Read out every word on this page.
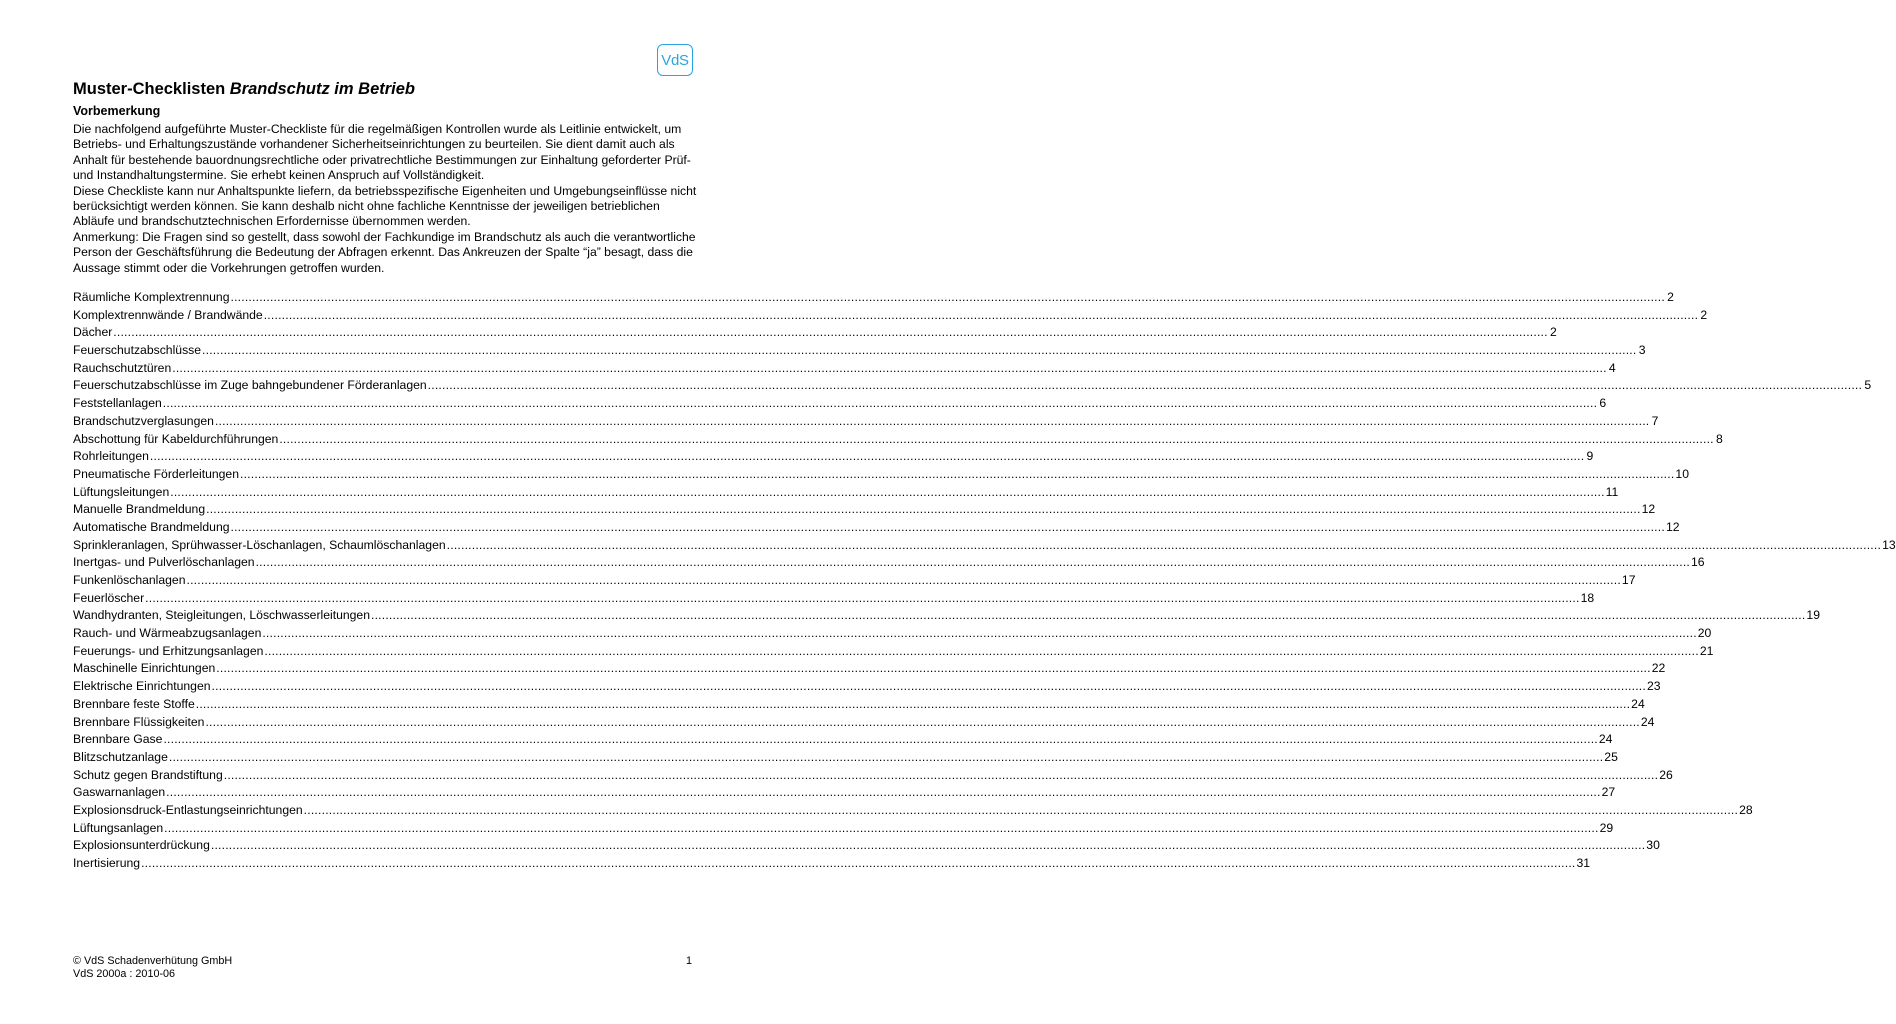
VdS
Muster-Checklisten Brandschutz im Betrieb
Vorbemerkung

Die nachfolgend aufgeführte Muster-Checkliste für die regelmäßigen Kontrollen wurde als Leitlinie entwickelt, um Betriebs- und Erhaltungszustände vorhandener Sicherheitseinrichtungen zu beurteilen. Sie dient damit auch als Anhalt für bestehende bauordnungsrechtliche oder privatrechtliche Bestimmungen zur Einhaltung geforderter Prüf- und Instandhaltungstermine. Sie erhebt keinen Anspruch auf Vollständigkeit.

Diese Checkliste kann nur Anhaltspunkte liefern, da betriebsspezifische Eigenheiten und Umgebungseinflüsse nicht berücksichtigt werden können. Sie kann deshalb nicht ohne fachliche Kenntnisse der jeweiligen betrieblichen Abläufe und brandschutztechnischen Erfordernisse übernommen werden.

Anmerkung: Die Fragen sind so gestellt, dass sowohl der Fachkundige im Brandschutz als auch die verantwortliche Person der Geschäftsführung die Bedeutung der Abfragen erkennt. Das Ankreuzen der Spalte “ja” besagt, dass die Aussage stimmt oder die Vorkehrungen getroffen wurden.

Räumliche Komplextrennung ................................................................................................................................................................................................................................................................................................................................................................................................................ 2
Komplextrennwände / Brandwände ................................................................................................................................................................................................................................................................................................................................................................................................................ 2
Dächer ................................................................................................................................................................................................................................................................................................................................................................................................................ 2
Feuerschutzabschlüsse ................................................................................................................................................................................................................................................................................................................................................................................................................ 3
Rauchschutztüren ................................................................................................................................................................................................................................................................................................................................................................................................................ 4
Feuerschutzabschlüsse im Zuge bahngebundener Förderanlagen ................................................................................................................................................................................................................................................................................................................................................................................................................ 5
Feststellanlagen ................................................................................................................................................................................................................................................................................................................................................................................................................ 6
Brandschutzverglasungen ................................................................................................................................................................................................................................................................................................................................................................................................................ 7
Abschottung für Kabeldurchführungen ................................................................................................................................................................................................................................................................................................................................................................................................................ 8
Rohrleitungen ................................................................................................................................................................................................................................................................................................................................................................................................................ 9
Pneumatische Förderleitungen ................................................................................................................................................................................................................................................................................................................................................................................................................ 10
Lüftungsleitungen ................................................................................................................................................................................................................................................................................................................................................................................................................ 11
Manuelle Brandmeldung ................................................................................................................................................................................................................................................................................................................................................................................................................ 12
Automatische Brandmeldung ................................................................................................................................................................................................................................................................................................................................................................................................................ 12
Sprinkleranlagen, Sprühwasser-Löschanlagen, Schaumlöschanlagen ................................................................................................................................................................................................................................................................................................................................................................................................................ 13
Inertgas- und Pulverlöschanlagen ................................................................................................................................................................................................................................................................................................................................................................................................................ 16
Funkenlöschanlagen ................................................................................................................................................................................................................................................................................................................................................................................................................ 17
Feuerlöscher ................................................................................................................................................................................................................................................................................................................................................................................................................ 18
Wandhydranten, Steigleitungen, Löschwasserleitungen ................................................................................................................................................................................................................................................................................................................................................................................................................ 19
Rauch- und Wärmeabzugsanlagen ................................................................................................................................................................................................................................................................................................................................................................................................................ 20
Feuerungs- und Erhitzungsanlagen ................................................................................................................................................................................................................................................................................................................................................................................................................ 21
Maschinelle Einrichtungen ................................................................................................................................................................................................................................................................................................................................................................................................................ 22
Elektrische Einrichtungen ................................................................................................................................................................................................................................................................................................................................................................................................................ 23
Brennbare feste Stoffe ................................................................................................................................................................................................................................................................................................................................................................................................................ 24
Brennbare Flüssigkeiten ................................................................................................................................................................................................................................................................................................................................................................................................................ 24
Brennbare Gase ................................................................................................................................................................................................................................................................................................................................................................................................................ 24
Blitzschutzanlage ................................................................................................................................................................................................................................................................................................................................................................................................................ 25
Schutz gegen Brandstiftung ................................................................................................................................................................................................................................................................................................................................................................................................................ 26
Gaswarnanlagen ................................................................................................................................................................................................................................................................................................................................................................................................................ 27
Explosionsdruck-Entlastungseinrichtungen ................................................................................................................................................................................................................................................................................................................................................................................................................ 28
Lüftungsanlagen ................................................................................................................................................................................................................................................................................................................................................................................................................ 29
Explosionsunterdrückung ................................................................................................................................................................................................................................................................................................................................................................................................................ 30
Inertisierung ................................................................................................................................................................................................................................................................................................................................................................................................................ 31
© VdS Schadenverhütung GmbH
VdS 2000a : 2010-06
1
